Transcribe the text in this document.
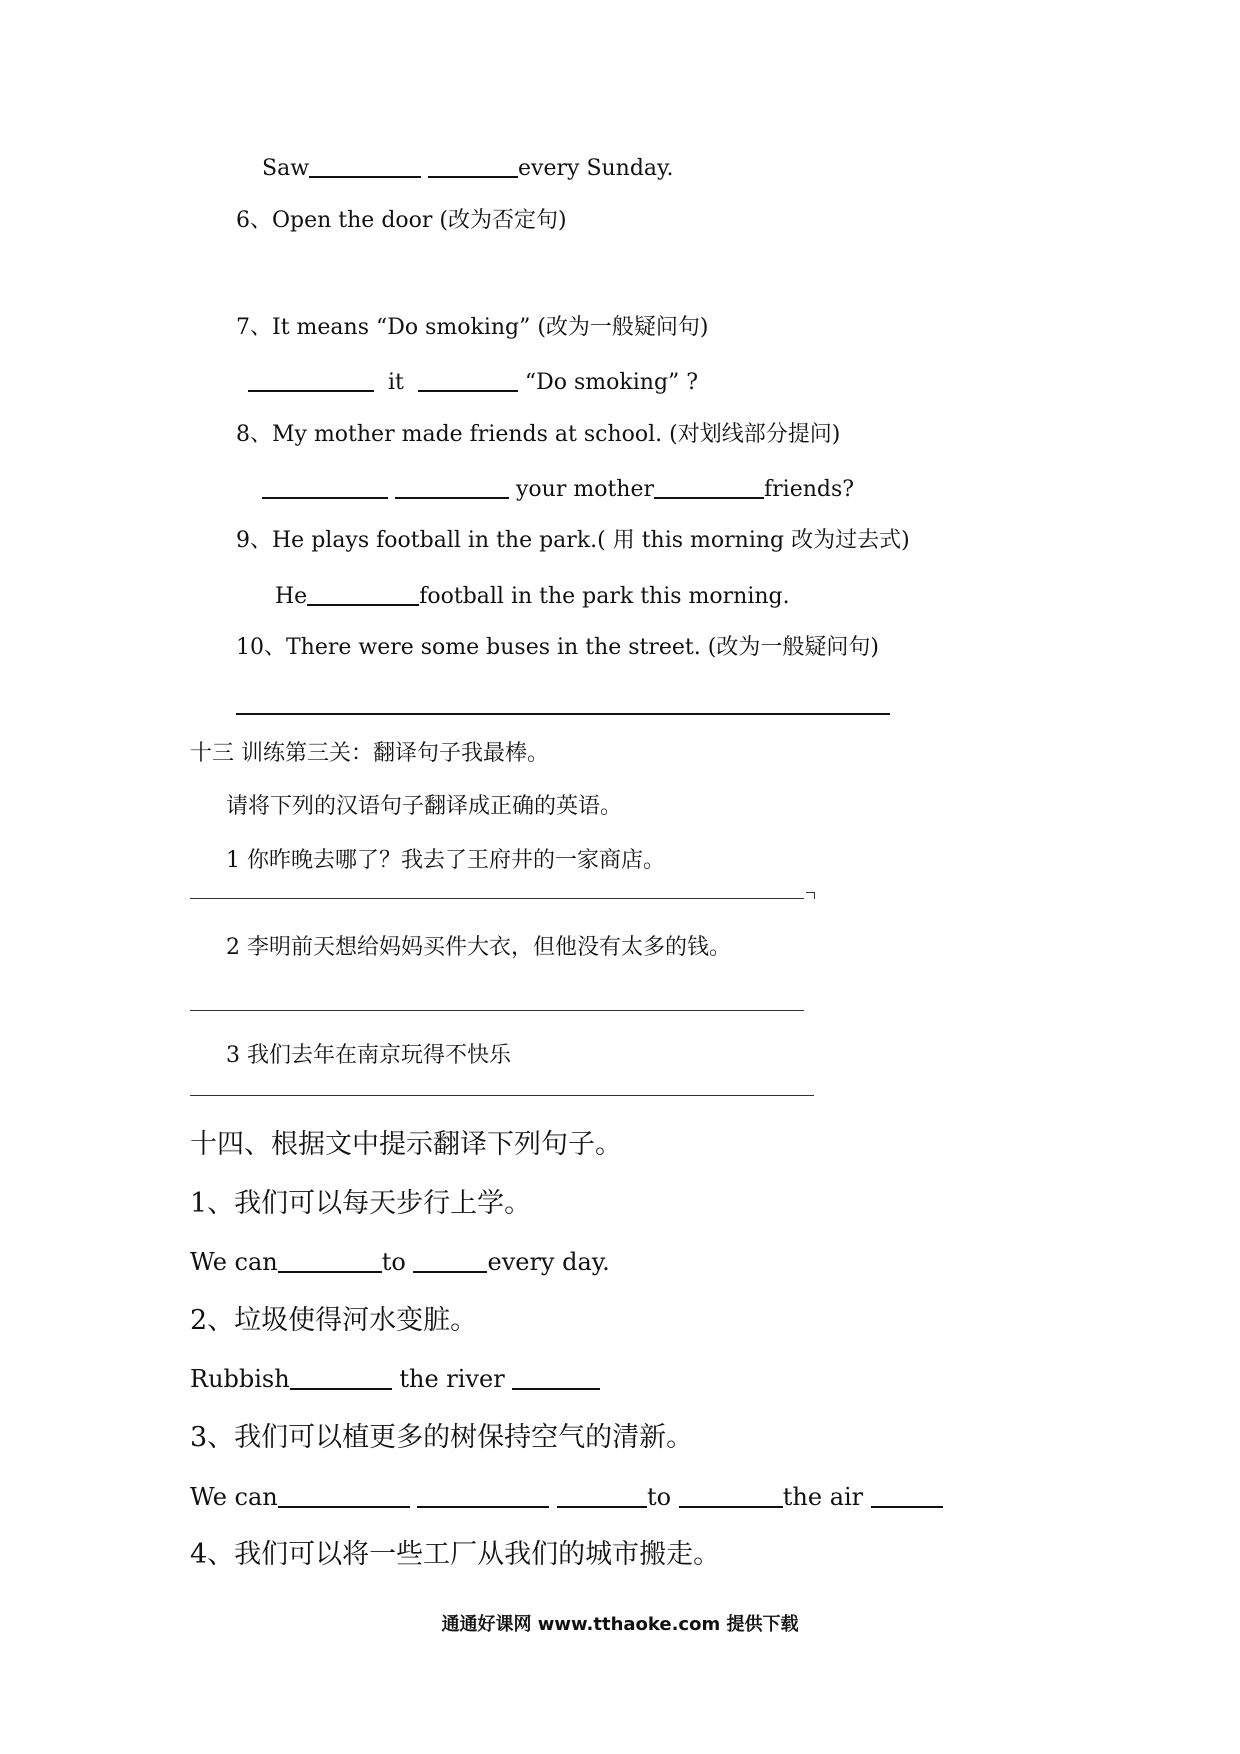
Saw	every Sunday.
6、Open the door (改为否定句)
7、It means “Do smoking” (改为一般疑问句)
it	“Do smoking” ?
8、My mother made friends at school. (对划线部分提问)
your mother	friends?
9、He plays football in the park.( 用 this morning 改为过去式)
He	football in the park this morning.
10、There were some buses in the street. (改为一般疑问句)
十三 训练第三关：翻译句子我最棒。
请将下列的汉语句子翻译成正确的英语。
1 你昨晚去哪了？我去了王府井的一家商店。
2 李明前天想给妈妈买件大衣，但他没有太多的钱。
3 我们去年在南京玩得不快乐
十四、根据文中提示翻译下列句子。
1、我们可以每天步行上学。
We can	to	every day.
2、垃圾使得河水变脏。
Rubbish	the river
3、我们可以植更多的树保持空气的清新。
We can	to	the air
4、我们可以将一些工厂从我们的城市搬走。
通通好课网 www.tthaoke.com 提供下载
